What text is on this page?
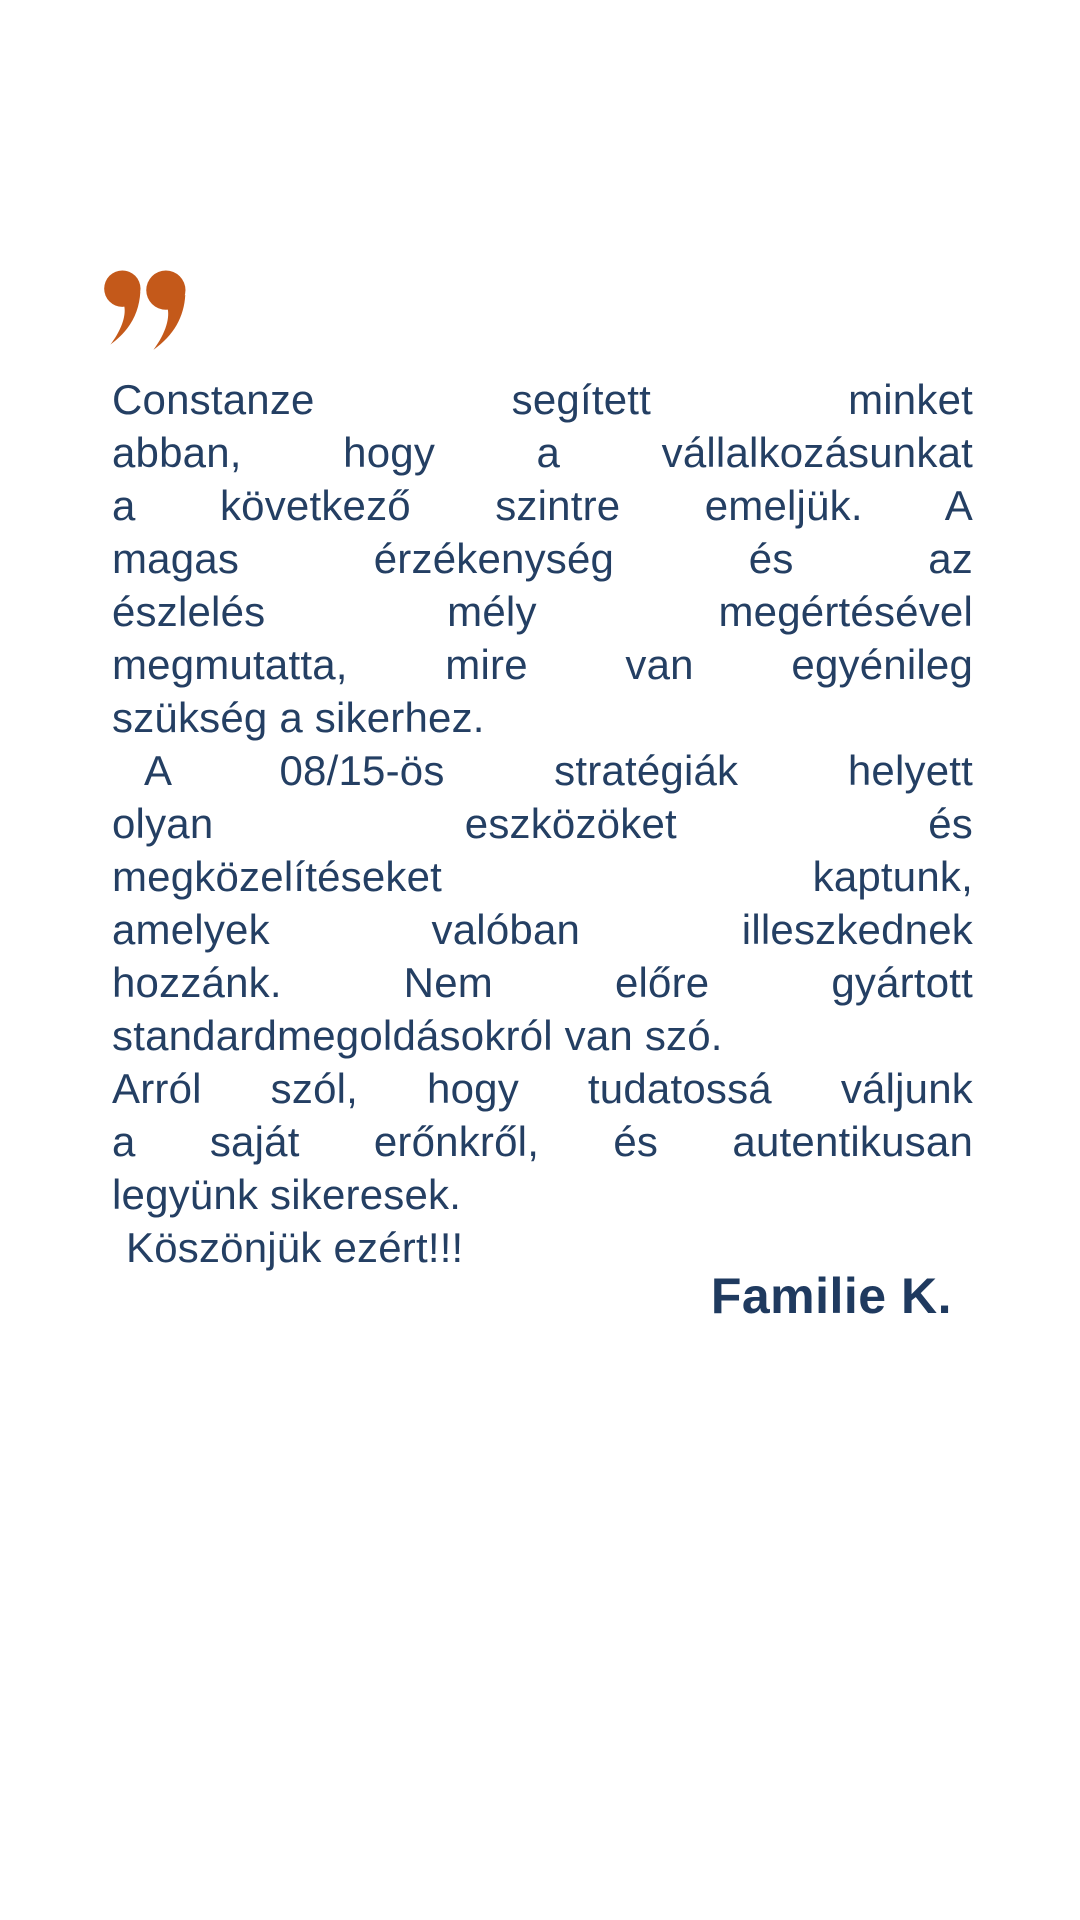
Constanze segített minket
abban, hogy a vállalkozásunkat
a következő szintre emeljük. A
magas érzékenység és az
észlelés mély megértésével
megmutatta, mire van egyénileg
szükség a sikerhez.
A 08/15-ös stratégiák helyett
olyan eszközöket és
megközelítéseket kaptunk,
amelyek valóban illeszkednek
hozzánk. Nem előre gyártott
standardmegoldásokról van szó.
Arról szól, hogy tudatossá váljunk
a saját erőnkről, és autentikusan
legyünk sikeresek.
Köszönjük ezért!!!
Familie K.
